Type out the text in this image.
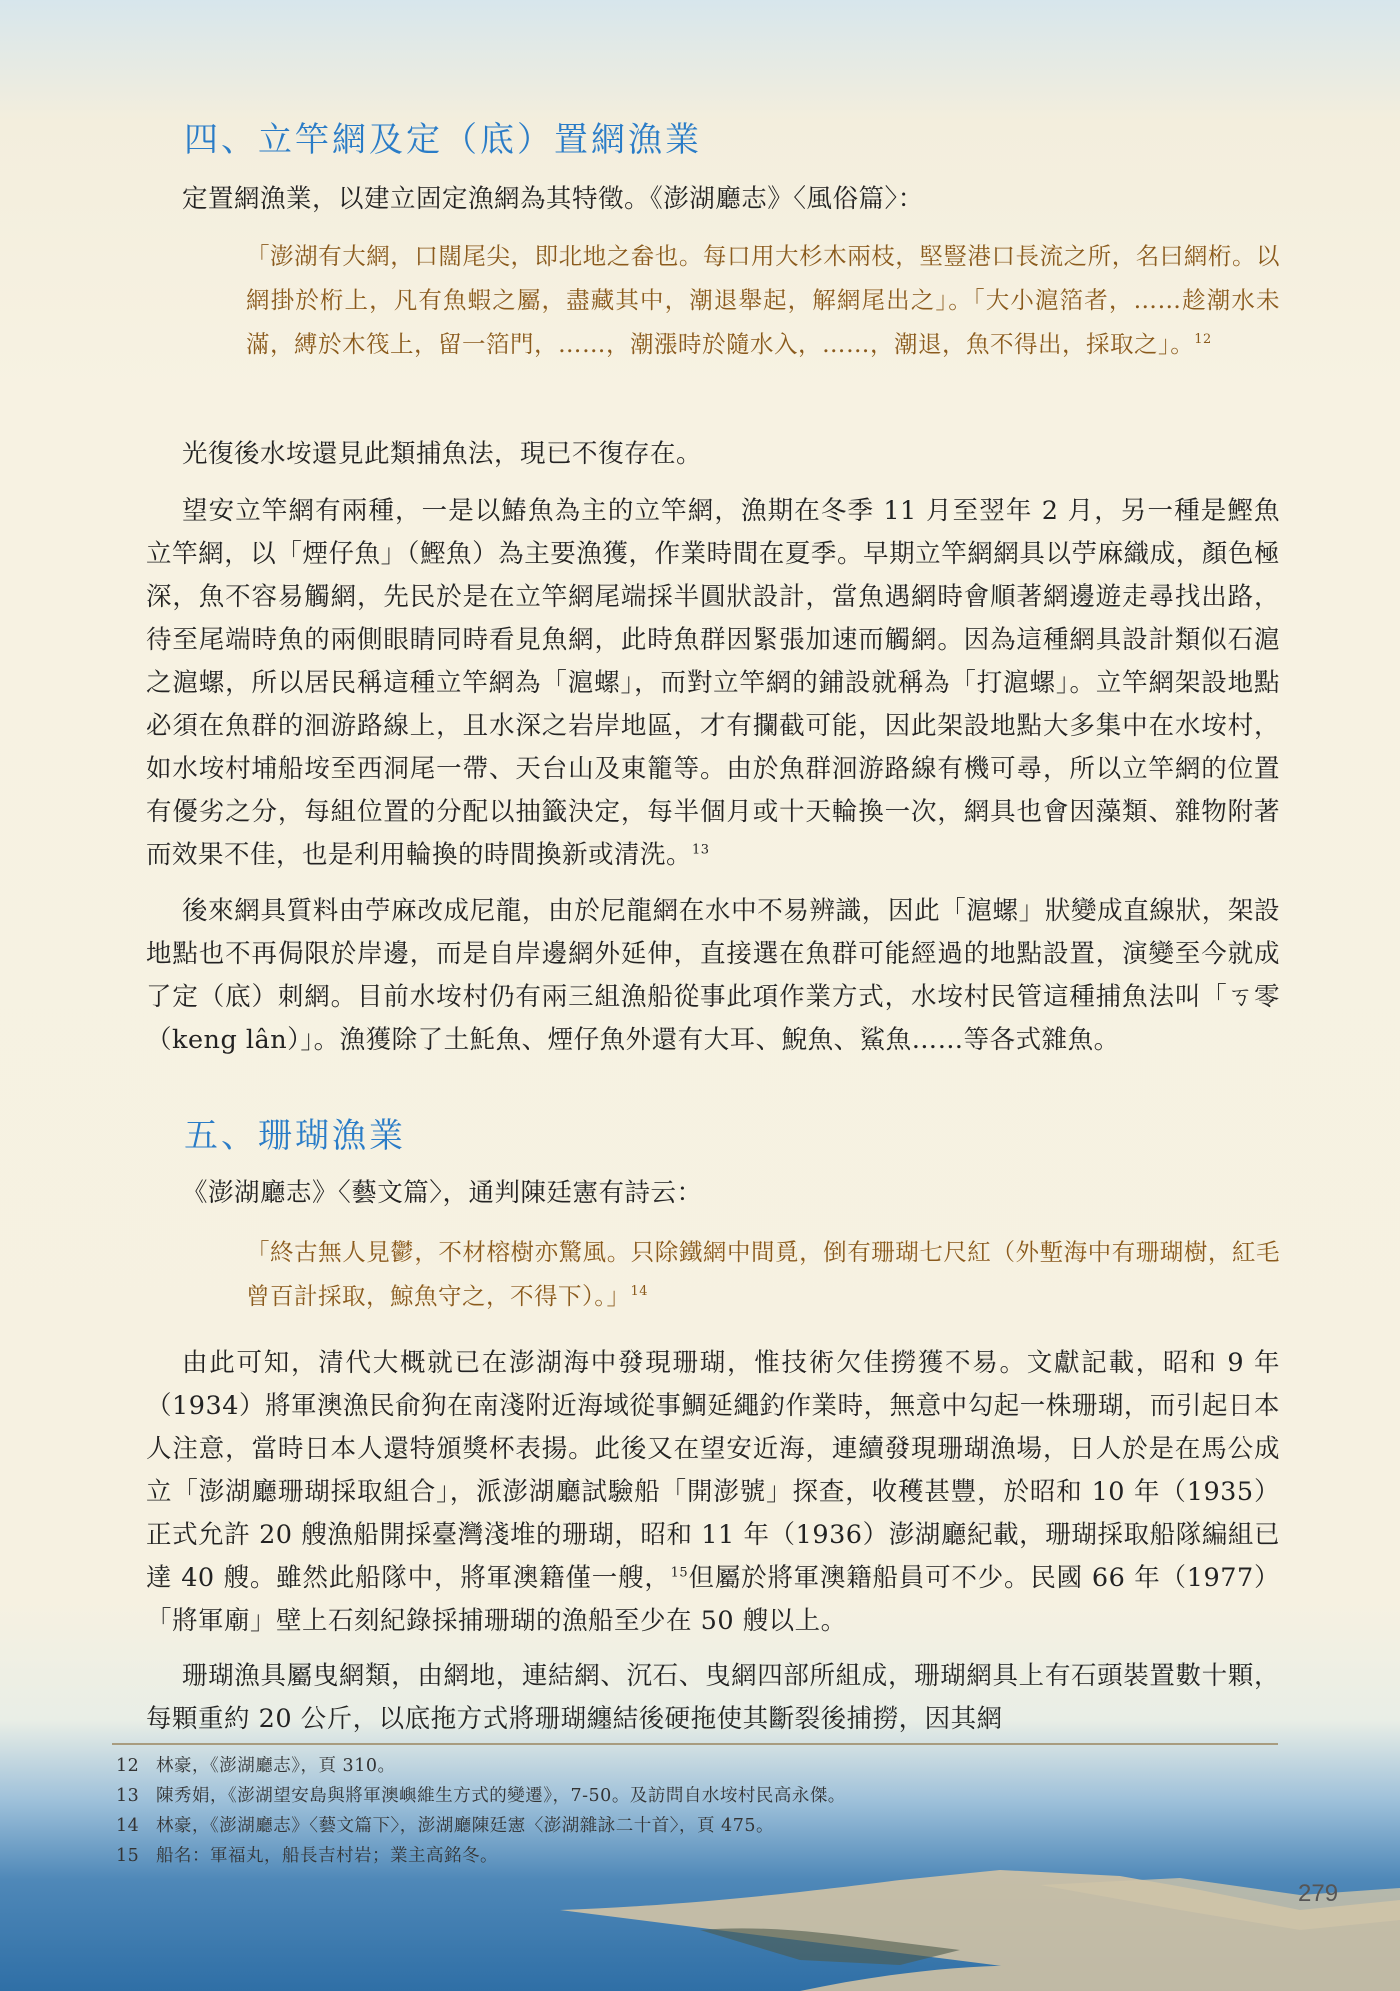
四、立竿網及定（底）置網漁業

定置網漁業，以建立固定漁網為其特徵。《澎湖廳志》〈風俗篇〉：

「澎湖有大網，口闊尾尖，即北地之畚也。每口用大杉木兩枝，堅豎港口長流之所，名曰網桁。以網掛於桁上，凡有魚蝦之屬，盡藏其中，潮退舉起，解網尾出之」。「大小滬箔者，……趁潮水未滿，縛於木筏上，留一箔門，……，潮漲時於隨水入，……，潮退，魚不得出，採取之」。$^{12}$

光復後水垵還見此類捕魚法，現已不復存在。

望安立竿網有兩種，一是以鰆魚為主的立竿網，漁期在冬季 11 月至翌年 2 月，另一種是鰹魚立竿網，以「煙仔魚」（鰹魚）為主要漁獲，作業時間在夏季。早期立竿網網具以苧麻織成，顏色極深，魚不容易觸網，先民於是在立竿網尾端採半圓狀設計，當魚遇網時會順著網邊遊走尋找出路，待至尾端時魚的兩側眼睛同時看見魚網，此時魚群因緊張加速而觸網。因為這種網具設計類似石滬之滬螺，所以居民稱這種立竿網為「滬螺」，而對立竿網的鋪設就稱為「打滬螺」。立竿網架設地點必須在魚群的洄游路線上，且水深之岩岸地區，才有攔截可能，因此架設地點大多集中在水垵村，如水垵村埔船垵至西洞尾一帶、天台山及東籠等。由於魚群洄游路線有機可尋，所以立竿網的位置有優劣之分，每組位置的分配以抽籤決定，每半個月或十天輪換一次，網具也會因藻類、雜物附著而效果不佳，也是利用輪換的時間換新或清洗。$^{13}$

後來網具質料由苧麻改成尼龍，由於尼龍網在水中不易辨識，因此「滬螺」狀變成直線狀，架設地點也不再侷限於岸邊，而是自岸邊網外延伸，直接選在魚群可能經過的地點設置，演變至今就成了定（底）刺網。目前水垵村仍有兩三組漁船從事此項作業方式，水垵村民管這種捕魚法叫「ㄎ零（keng lân）」。漁獲除了土魠魚、煙仔魚外還有大耳、鯢魚、鯊魚……等各式雜魚。

五、珊瑚漁業

《澎湖廳志》〈藝文篇〉，通判陳廷憲有詩云：

「終古無人見鬱，不材榕樹亦驚風。只除鐵網中間覓，倒有珊瑚七尺紅（外塹海中有珊瑚樹，紅毛曾百計採取，鯨魚守之，不得下）。」$^{14}$

由此可知，清代大概就已在澎湖海中發現珊瑚，惟技術欠佳撈獲不易。文獻記載，昭和 9 年（1934）將軍澳漁民俞狗在南淺附近海域從事鯛延繩釣作業時，無意中勾起一株珊瑚，而引起日本人注意，當時日本人還特頒獎杯表揚。此後又在望安近海，連續發現珊瑚漁場，日人於是在馬公成立「澎湖廳珊瑚採取組合」，派澎湖廳試驗船「開澎號」探查，收穫甚豐，於昭和 10 年（1935）正式允許 20 艘漁船開採臺灣淺堆的珊瑚，昭和 11 年（1936）澎湖廳紀載，珊瑚採取船隊編組已達 40 艘。雖然此船隊中，將軍澳籍僅一艘，$^{15}$但屬於將軍澳籍船員可不少。民國 66 年（1977）「將軍廟」壁上石刻紀錄採捕珊瑚的漁船至少在 50 艘以上。

珊瑚漁具屬曳網類，由網地，連結網、沉石、曳網四部所組成，珊瑚網具上有石頭裝置數十顆，每顆重約 20 公斤，以底拖方式將珊瑚纏結後硬拖使其斷裂後捕撈，因其網

12 林豪，《澎湖廳志》，頁 310。

13 陳秀娟，《澎湖望安島與將軍澳嶼維生方式的變遷》，7-50。及訪問自水垵村民高永傑。

14 林豪，《澎湖廳志》〈藝文篇下〉，澎湖廳陳廷憲〈澎湖雜詠二十首〉，頁 475。

15 船名：軍福丸，船長吉村岩；業主高銘冬。

279
